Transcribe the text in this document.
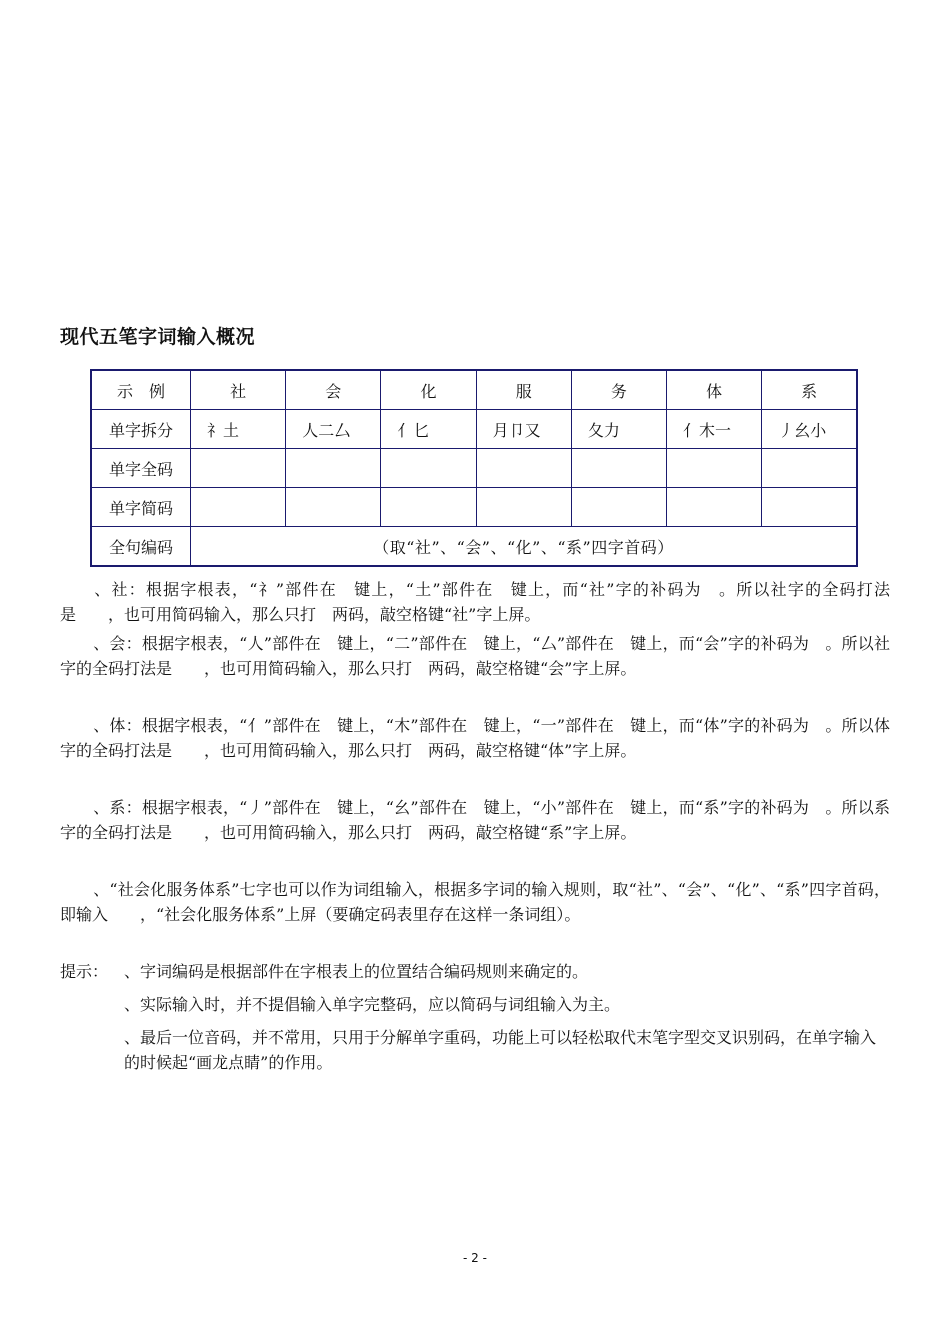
现代五笔字词输入概况
示　例	社	会	化	服	务	体	系
单字拆分	礻土	人二厶	亻匕	月卩又	夂力	亻木一	丿幺小
单字全码							
单字简码							
全句编码	（取“社”、“会”、“化”、“系”四字首码）						
、社：根据字根表，“礻”部件在　键上，“土”部件在　键上，而“社”字的补码为　。所以社字的全码打法是　　，也可用简码输入，那么只打　两码，敲空格键“社”字上屏。
、会：根据字根表，“人”部件在　键上，“二”部件在　键上，“厶”部件在　键上，而“会”字的补码为　。所以社字的全码打法是　　，也可用简码输入，那么只打　两码，敲空格键“会”字上屏。
、体：根据字根表，“亻”部件在　键上，“木”部件在　键上，“一”部件在　键上，而“体”字的补码为　。所以体字的全码打法是　　，也可用简码输入，那么只打　两码，敲空格键“体”字上屏。
、系：根据字根表，“丿”部件在　键上，“幺”部件在　键上，“小”部件在　键上，而“系”字的补码为　。所以系字的全码打法是　　，也可用简码输入，那么只打　两码，敲空格键“系”字上屏。
、“社会化服务体系”七字也可以作为词组输入，根据多字词的输入规则，取“社”、“会”、“化”、“系”四字首码，即输入　　，“社会化服务体系”上屏（要确定码表里存在这样一条词组）。
提示： 、字词编码是根据部件在字根表上的位置结合编码规则来确定的。
、实际输入时，并不提倡输入单字完整码，应以简码与词组输入为主。
、最后一位音码，并不常用，只用于分解单字重码，功能上可以轻松取代末笔字型交叉识别码，在单字输入的时候起“画龙点睛”的作用。
- 2 -
